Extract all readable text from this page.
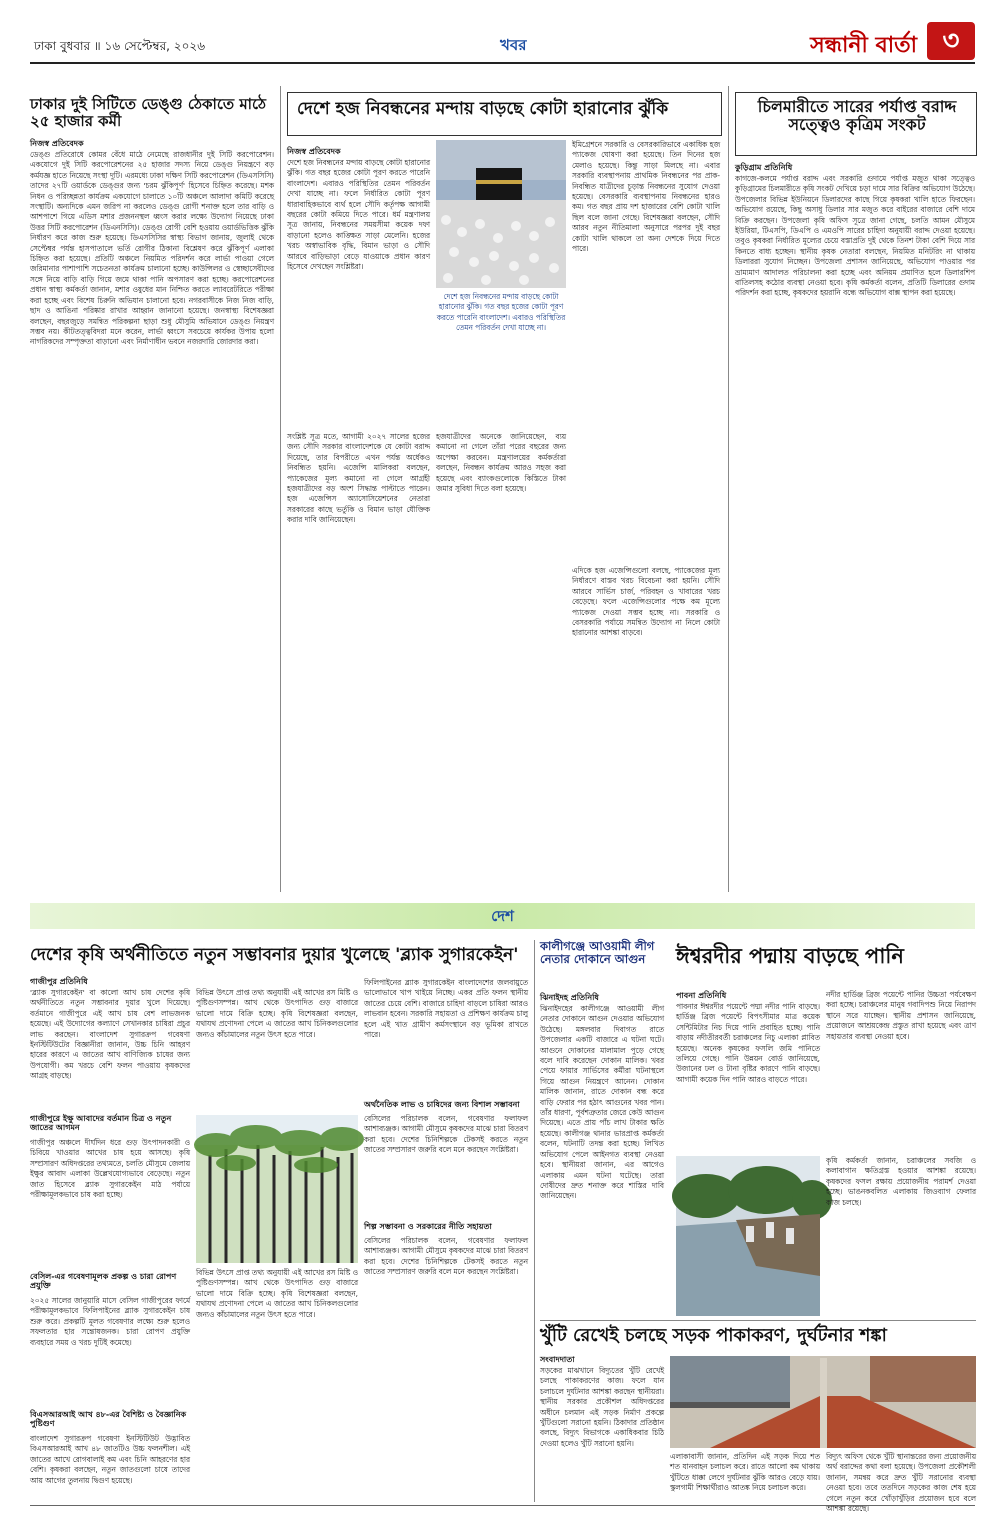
ঢাকা বুধবার ॥ ১৬ সেপ্টেম্বর, ২০২৬	খবর	সন্ধানী বার্তা ৩
ঢাকার দুই সিটিতে ডেঙ্গু ঠেকাতে মাঠে ২৫ হাজার কর্মী
নিজস্ব প্রতিবেদক
ডেঙ্গু প্রতিরোধে কোমর বেঁধে মাঠে নেমেছে রাজধানীর দুই সিটি করপোরেশন। একযোগে দুই সিটি করপোরেশনের ২৫ হাজার সদস্য নিয়ে ডেঙ্গু নিয়ন্ত্রণে বড় কর্মযজ্ঞ হাতে নিয়েছে সংস্থা দুটি। এরমধ্যে ঢাকা দক্ষিণ সিটি করপোরেশন (ডিএসসিসি) তাদের ২৭টি ওয়ার্ডকে ডেঙ্গুর জন্য 'চরম ঝুঁকিপূর্ণ' হিসেবে চিহ্নিত করেছে। মশক নিধন ও পরিচ্ছন্নতা কার্যক্রম একযোগে চালাতে ১০টি অঞ্চলে আলাদা কমিটি করেছে সংস্থাটি। অন্যদিকে এমন জরিপ না করলেও ডেঙ্গু রোগী শনাক্ত হলে তার বাড়ি ও আশপাশে গিয়ে এডিস মশার প্রজননস্থল ধ্বংস করার লক্ষ্যে উদ্যোগ নিয়েছে ঢাকা উত্তর সিটি করপোরেশন (ডিএনসিসি)। ডেঙ্গু রোগী বেশি হওয়ায় ওয়ার্ডভিত্তিক ঝুঁকি নির্ধারণ করে কাজ শুরু হয়েছে। ডিএসসিসির স্বাস্থ্য বিভাগ জানায়, জুলাই থেকে সেপ্টেম্বর পর্যন্ত হাসপাতালে ভর্তি রোগীর ঠিকানা বিশ্লেষণ করে ঝুঁকিপূর্ণ এলাকা চিহ্নিত করা হয়েছে। প্রতিটি অঞ্চলে নিয়মিত পরিদর্শন করে লার্ভা পাওয়া গেলে জরিমানার পাশাপাশি সচেতনতা কার্যক্রম চালানো হচ্ছে। কাউন্সিলর ও স্বেচ্ছাসেবীদের সঙ্গে নিয়ে বাড়ি বাড়ি গিয়ে জমে থাকা পানি অপসারণ করা হচ্ছে। করপোরেশনের প্রধান স্বাস্থ্য কর্মকর্তা জানান, মশার ওষুধের মান নিশ্চিত করতে ল্যাবরেটরিতে পরীক্ষা করা হচ্ছে এবং বিশেষ চিরুনি অভিযান চালানো হবে। নগরবাসীকে নিজ নিজ বাড়ি, ছাদ ও আঙিনা পরিষ্কার রাখার আহ্বান জানানো হয়েছে। জনস্বাস্থ্য বিশেষজ্ঞরা বলছেন, বছরজুড়ে সমন্বিত পরিকল্পনা ছাড়া শুধু মৌসুমি অভিযানে ডেঙ্গু নিয়ন্ত্রণ সম্ভব নয়। কীটতত্ত্ববিদরা মনে করেন, লার্ভা ধ্বংসে সবচেয়ে কার্যকর উপায় হলো নাগরিকদের সম্পৃক্ততা বাড়ানো এবং নির্মাণাধীন ভবনে নজরদারি জোরদার করা।
দেশে হজ নিবন্ধনের মন্দায় বাড়ছে কোটা হারানোর ঝুঁকি
নিজস্ব প্রতিবেদক
দেশে হজ নিবন্ধনের মন্দায় বাড়ছে কোটা হারানোর ঝুঁকি। গত বছর হজের কোটা পূরণ করতে পারেনি বাংলাদেশ। এবারও পরিস্থিতির তেমন পরিবর্তন দেখা যাচ্ছে না। ফলে নির্ধারিত কোটা পূরণ ধারাবাহিকভাবে ব্যর্থ হলে সৌদি কর্তৃপক্ষ আগামী বছরের কোটা কমিয়ে দিতে পারে। ধর্ম মন্ত্রণালয় সূত্র জানায়, নিবন্ধনের সময়সীমা কয়েক দফা বাড়ানো হলেও কাঙ্ক্ষিত সাড়া মেলেনি। হজের খরচ অস্বাভাবিক বৃদ্ধি, বিমান ভাড়া ও সৌদি আরবে বাড়িভাড়া বেড়ে যাওয়াকে প্রধান কারণ হিসেবে দেখছেন সংশ্লিষ্টরা।
সংশ্লিষ্ট সূত্র মতে, আগামী ২০২৭ সালের হজের জন্য সৌদি সরকার বাংলাদেশকে যে কোটা বরাদ্দ দিয়েছে, তার বিপরীতে এখন পর্যন্ত অর্ধেকও নিবন্ধিত হয়নি। এজেন্সি মালিকরা বলছেন, প্যাকেজের মূল্য কমানো না গেলে আগ্রহী হজযাত্রীদের বড় অংশ সিদ্ধান্ত পাল্টাতে পারেন। হজ এজেন্সিস অ্যাসোসিয়েশনের নেতারা সরকারের কাছে ভর্তুকি ও বিমান ভাড়া যৌক্তিক করার দাবি জানিয়েছেন।
দেশে হজ নিবন্ধনের মন্দায় বাড়ছে কোটা হারানোর ঝুঁকি। গত বছর হজের কোটা পূরণ করতে পারেনি বাংলাদেশ। এবারও পরিস্থিতির তেমন পরিবর্তন দেখা যাচ্ছে না।
হজযাত্রীদের অনেকে জানিয়েছেন, ব্যয় কমানো না গেলে তাঁরা পরের বছরের জন্য অপেক্ষা করবেন। মন্ত্রণালয়ের কর্মকর্তারা বলছেন, নিবন্ধন কার্যক্রম আরও সহজ করা হয়েছে এবং ব্যাংকগুলোকে কিস্তিতে টাকা জমার সুবিধা দিতে বলা হয়েছে।
ইমিগ্রেশনে সরকারি ও বেসরকারিভাবে একাধিক হজ প্যাকেজ ঘোষণা করা হয়েছে। তিন দিনের হজ মেলাও হয়েছে। কিন্তু সাড়া মিলছে না। এবার সরকারি ব্যবস্থাপনায় প্রাথমিক নিবন্ধনের পর প্রাক-নিবন্ধিত যাত্রীদের চূড়ান্ত নিবন্ধনের সুযোগ দেওয়া হয়েছে। বেসরকারি ব্যবস্থাপনায় নিবন্ধনের হারও কম। গত বছর প্রায় দশ হাজারের বেশি কোটা খালি ছিল বলে জানা গেছে। বিশেষজ্ঞরা বলছেন, সৌদি আরব নতুন নীতিমালা অনুসারে পরপর দুই বছর কোটা খালি থাকলে তা অন্য দেশকে দিয়ে দিতে পারে।
এদিকে হজ এজেন্সিগুলো বলছে, প্যাকেজের মূল্য নির্ধারণে বাস্তব খরচ বিবেচনা করা হয়নি। সৌদি আরবে সার্ভিস চার্জ, পরিবহন ও খাবারের খরচ বেড়েছে। ফলে এজেন্সিগুলোর পক্ষে কম মূল্যে প্যাকেজ দেওয়া সম্ভব হচ্ছে না। সরকারি ও বেসরকারি পর্যায়ে সমন্বিত উদ্যোগ না নিলে কোটা হারানোর আশঙ্কা বাড়বে।
চিলমারীতে সারের পর্যাপ্ত বরাদ্দ সত্ত্বেও কৃত্রিম সংকট
কুড়িগ্রাম প্রতিনিধি
কাগজে-কলমে পর্যাপ্ত বরাদ্দ এবং সরকারি গুদামে পর্যাপ্ত মজুত থাকা সত্ত্বেও কুড়িগ্রামের চিলমারীতে কৃষি সংকট দেখিয়ে চড়া দামে সার বিক্রির অভিযোগ উঠেছে। উপজেলার বিভিন্ন ইউনিয়নে ডিলারদের কাছে গিয়ে কৃষকরা খালি হাতে ফিরছেন। অভিযোগ রয়েছে, কিছু অসাধু ডিলার সার মজুত করে বাইরের বাজারে বেশি দামে বিক্রি করছেন। উপজেলা কৃষি অফিস সূত্রে জানা গেছে, চলতি আমন মৌসুমে ইউরিয়া, টিএসপি, ডিএপি ও এমওপি সারের চাহিদা অনুযায়ী বরাদ্দ দেওয়া হয়েছে। তবুও কৃষকরা নির্ধারিত মূল্যের চেয়ে বস্তাপ্রতি দুই থেকে তিনশ টাকা বেশি দিয়ে সার কিনতে বাধ্য হচ্ছেন। স্থানীয় কৃষক নেতারা বলছেন, নিয়মিত মনিটরিং না থাকায় ডিলাররা সুযোগ নিচ্ছেন। উপজেলা প্রশাসন জানিয়েছে, অভিযোগ পাওয়ার পর ভ্রাম্যমাণ আদালত পরিচালনা করা হচ্ছে এবং অনিয়ম প্রমাণিত হলে ডিলারশিপ বাতিলসহ কঠোর ব্যবস্থা নেওয়া হবে। কৃষি কর্মকর্তা বলেন, প্রতিটি ডিলারের গুদাম পরিদর্শন করা হচ্ছে, কৃষকদের হয়রানি বন্ধে অভিযোগ বাক্স স্থাপন করা হয়েছে।
দেশ
দেশের কৃষি অর্থনীতিতে নতুন সম্ভাবনার দুয়ার খুলেছে 'ব্ল্যাক সুগারকেইন'
গাজীপুর প্রতিনিধি
'ব্ল্যাক সুগারকেইন' বা কালো আখ চাষ দেশের কৃষি অর্থনীতিতে নতুন সম্ভাবনার দুয়ার খুলে দিয়েছে। বর্তমানে গাজীপুরে এই আখ চাষ বেশ লাভজনক হয়েছে। এই উদ্যোগের কল্যাণে সেখানকার চাষিরা প্রচুর লাভ করছেন। বাংলাদেশ সুগারক্রপ গবেষণা ইনস্টিটিউটের বিজ্ঞানীরা জানান, উচ্চ চিনি আহরণ হারের কারণে এ জাতের আখ বাণিজ্যিক চাষের জন্য উপযোগী। কম খরচে বেশি ফলন পাওয়ায় কৃষকদের আগ্রহ বাড়ছে।
বিভিন্ন উৎসে প্রাপ্ত তথ্য অনুযায়ী এই আখের রস মিষ্টি ও পুষ্টিগুণসম্পন্ন। আখ থেকে উৎপাদিত গুড় বাজারে ভালো দামে বিক্রি হচ্ছে। কৃষি বিশেষজ্ঞরা বলছেন, যথাযথ প্রণোদনা পেলে এ জাতের আখ চিনিকলগুলোর জন্যও কাঁচামালের নতুন উৎস হতে পারে।
ফিলিপাইনের ব্ল্যাক সুগারকেইন বাংলাদেশের জলবায়ুতে ভালোভাবে খাপ খাইয়ে নিচ্ছে। একর প্রতি ফলন স্থানীয় জাতের চেয়ে বেশি। বাজারে চাহিদা বাড়লে চাষিরা আরও লাভবান হবেন। সরকারি সহায়তা ও প্রশিক্ষণ কার্যক্রম চালু হলে এই খাত গ্রামীণ কর্মসংস্থানে বড় ভূমিকা রাখতে পারে।
অর্থনৈতিক লাভ ও চাষিদের জন্য বিশাল সম্ভাবনা
বেসিলের পরিচালক বলেন, গবেষণার ফলাফল আশাব্যঞ্জক। আগামী মৌসুমে কৃষকদের মাঝে চারা বিতরণ করা হবে। দেশের চিনিশিল্পকে টেকসই করতে নতুন জাতের সম্প্রসারণ জরুরি বলে মনে করছেন সংশ্লিষ্টরা।
গাজীপুরে ইক্ষু আবাদের বর্তমান চিত্র ও নতুন জাতের আগমন
গাজীপুর অঞ্চলে দীর্ঘদিন ধরে গুড় উৎপাদনকারী ও চিবিয়ে খাওয়ার আখের চাষ হয়ে আসছে। কৃষি সম্প্রসারণ অধিদপ্তরের তথ্যমতে, চলতি মৌসুমে জেলায় ইক্ষুর আবাদ এলাকা উল্লেখযোগ্যভাবে বেড়েছে। নতুন জাত হিসেবে ব্ল্যাক সুগারকেইন মাঠ পর্যায়ে পরীক্ষামূলকভাবে চাষ করা হচ্ছে।
বেসিল-এর গবেষণামূলক প্রকল্প ও চারা রোপণ প্রযুক্তি
২০২৫ সালের জানুয়ারি মাসে বেসিল গাজীপুরের ফার্মে পরীক্ষামূলকভাবে ফিলিপাইনের ব্ল্যাক সুগারকেইন চাষ শুরু করে। প্রকল্পটি মূলত গবেষণার লক্ষ্যে শুরু হলেও সফলতার হার সন্তোষজনক। চারা রোপণ প্রযুক্তি ব্যবহারে সময় ও খরচ দুটিই কমেছে।
বিএসআরআই আখ ৪৮-এর বৈশিষ্ট্য ও বৈজ্ঞানিক পুষ্টিগুণ
বাংলাদেশ সুগারক্রপ গবেষণা ইনস্টিটিউট উদ্ভাবিত বিএসআরআই আখ ৪৮ জাতটিও উচ্চ ফলনশীল। এই জাতের আখে রোগবালাই কম এবং চিনি আহরণের হার বেশি। কৃষকরা বলছেন, নতুন জাতগুলো চাষে তাদের আয় আগের তুলনায় দ্বিগুণ হয়েছে।
বিভিন্ন উৎসে প্রাপ্ত তথ্য অনুযায়ী এই আখের রস মিষ্টি ও পুষ্টিগুণসম্পন্ন। আখ থেকে উৎপাদিত গুড় বাজারে ভালো দামে বিক্রি হচ্ছে। কৃষি বিশেষজ্ঞরা বলছেন, যথাযথ প্রণোদনা পেলে এ জাতের আখ চিনিকলগুলোর জন্যও কাঁচামালের নতুন উৎস হতে পারে।
শিল্প সম্ভাবনা ও সরকারের নীতি সহায়তা
বেসিলের পরিচালক বলেন, গবেষণার ফলাফল আশাব্যঞ্জক। আগামী মৌসুমে কৃষকদের মাঝে চারা বিতরণ করা হবে। দেশের চিনিশিল্পকে টেকসই করতে নতুন জাতের সম্প্রসারণ জরুরি বলে মনে করছেন সংশ্লিষ্টরা।
কালীগঞ্জে আওয়ামী লীগ নেতার দোকানে আগুন
ঝিনাইদহ প্রতিনিধি
ঝিনাইদহের কালীগঞ্জে আওয়ামী লীগ নেতার দোকানে আগুন দেওয়ার অভিযোগ উঠেছে। মঙ্গলবার দিবাগত রাতে উপজেলার একটি বাজারে এ ঘটনা ঘটে। আগুনে দোকানের মালামাল পুড়ে গেছে বলে দাবি করেছেন দোকান মালিক। খবর পেয়ে ফায়ার সার্ভিসের কর্মীরা ঘটনাস্থলে গিয়ে আগুন নিয়ন্ত্রণে আনেন। দোকান মালিক জানান, রাতে দোকান বন্ধ করে বাড়ি ফেরার পর হঠাৎ আগুনের খবর পান। তাঁর ধারণা, পূর্বশত্রুতার জেরে কেউ আগুন দিয়েছে। এতে প্রায় পাঁচ লাখ টাকার ক্ষতি হয়েছে। কালীগঞ্জ থানার ভারপ্রাপ্ত কর্মকর্তা বলেন, ঘটনাটি তদন্ত করা হচ্ছে। লিখিত অভিযোগ পেলে আইনগত ব্যবস্থা নেওয়া হবে। স্থানীয়রা জানান, এর আগেও এলাকায় এমন ঘটনা ঘটেছে। তারা দোষীদের দ্রুত শনাক্ত করে শাস্তির দাবি জানিয়েছেন।
ঈশ্বরদীর পদ্মায় বাড়ছে পানি
পাবনা প্রতিনিধি
পাবনার ঈশ্বরদীর পয়েন্টে পদ্মা নদীর পানি বাড়ছে। হার্ডিঞ্জ ব্রিজ পয়েন্টে বিপৎসীমার মাত্র কয়েক সেন্টিমিটার নিচ দিয়ে পানি প্রবাহিত হচ্ছে। পানি বাড়ায় নদীতীরবর্তী চরাঞ্চলের নিচু এলাকা প্লাবিত হয়েছে। অনেক কৃষকের ফসলি জমি পানিতে তলিয়ে গেছে। পানি উন্নয়ন বোর্ড জানিয়েছে, উজানের ঢল ও টানা বৃষ্টির কারণে পানি বাড়ছে। আগামী কয়েক দিন পানি আরও বাড়তে পারে।
নদীর হার্ডিঞ্জ ব্রিজ পয়েন্টে পানির উচ্চতা পর্যবেক্ষণ করা হচ্ছে। চরাঞ্চলের মানুষ গবাদিপশু নিয়ে নিরাপদ স্থানে সরে যাচ্ছেন। স্থানীয় প্রশাসন জানিয়েছে, প্রয়োজনে আশ্রয়কেন্দ্র প্রস্তুত রাখা হয়েছে এবং ত্রাণ সহায়তার ব্যবস্থা নেওয়া হবে।
কৃষি কর্মকর্তা জানান, চরাঞ্চলের সবজি ও কলাবাগান ক্ষতিগ্রস্ত হওয়ার আশঙ্কা রয়েছে। কৃষকদের ফসল রক্ষায় প্রয়োজনীয় পরামর্শ দেওয়া হচ্ছে। ভাঙনকবলিত এলাকায় জিওব্যাগ ফেলার কাজ চলছে।
খুঁটি রেখেই চলছে সড়ক পাকাকরণ, দুর্ঘটনার শঙ্কা
সংবাদদাতা
সড়কের মাঝখানে বিদ্যুতের খুঁটি রেখেই চলছে পাকাকরণের কাজ। ফলে যান চলাচলে দুর্ঘটনার আশঙ্কা করছেন স্থানীয়রা। স্থানীয় সরকার প্রকৌশল অধিদপ্তরের অধীনে চলমান এই সড়ক নির্মাণ প্রকল্পে খুঁটিগুলো সরানো হয়নি। ঠিকাদার প্রতিষ্ঠান বলছে, বিদ্যুৎ বিভাগকে একাধিকবার চিঠি দেওয়া হলেও খুঁটি সরানো হয়নি।
এলাকাবাসী জানান, প্রতিদিন এই সড়ক দিয়ে শত শত যানবাহন চলাচল করে। রাতে আলো কম থাকায় খুঁটিতে ধাক্কা লেগে দুর্ঘটনার ঝুঁকি আরও বেড়ে যায়। স্কুলগামী শিক্ষার্থীরাও আতঙ্ক নিয়ে চলাচল করে।
বিদ্যুৎ অফিস থেকে খুঁটি স্থানান্তরের জন্য প্রয়োজনীয় অর্থ বরাদ্দের কথা বলা হয়েছে। উপজেলা প্রকৌশলী জানান, সমন্বয় করে দ্রুত খুঁটি সরানোর ব্যবস্থা নেওয়া হবে। তবে ততদিনে সড়কের কাজ শেষ হয়ে গেলে নতুন করে খোঁড়াখুঁড়ির প্রয়োজন হবে বলে আশঙ্কা রয়েছে।
